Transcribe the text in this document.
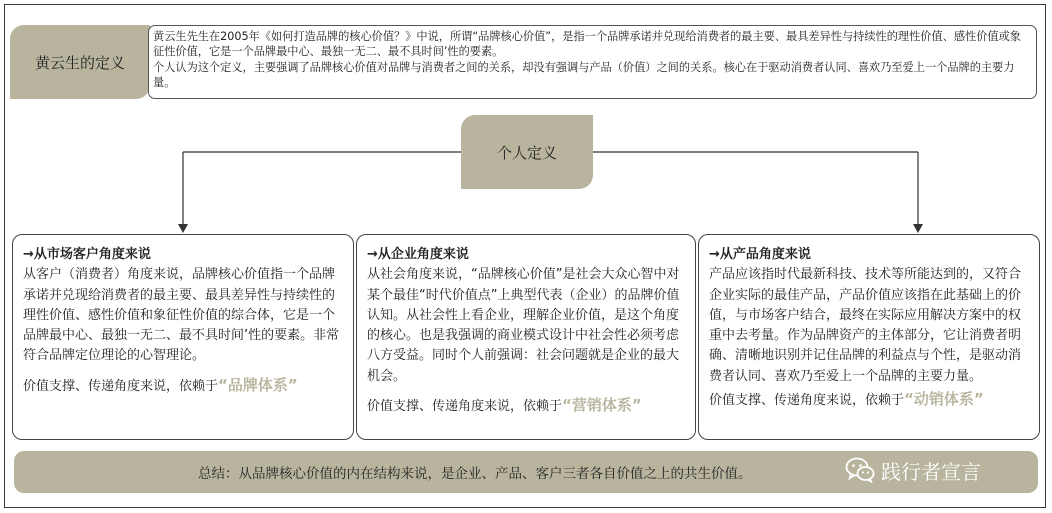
黄云生的定义

黄云生先生在2005年《如何打造品牌的核心价值？》中说，所谓“品牌核心价值”，是指一个品牌承诺并兑现给消费者的最主要、最具差异性与持续性的理性价值、感性价值或象征性价值，它是一个品牌最中心、最独一无二、最不具时间’性的要素。

个人认为这个定义，主要强调了品牌核心价值对品牌与消费者之间的关系，却没有强调与产品（价值）之间的关系。核心在于驱动消费者认同、喜欢乃至爱上一个品牌的主要力量。

个人定义

→从市场客户角度来说

从客户（消费者）角度来说，品牌核心价值指一个品牌承诺并兑现给消费者的最主要、最具差异性与持续性的理性价值、感性价值和象征性价值的综合体，它是一个品牌最中心、最独一无二、最不具时间’性的要素。非常符合品牌定位理论的心智理论。

价值支撑、传递角度来说，依赖于“品牌体系”

→从企业角度来说

从社会角度来说，“品牌核心价值”是社会大众心智中对某个最佳“时代价值点”上典型代表（企业）的品牌价值认知。从社会性上看企业，理解企业价值，是这个角度的核心。也是我强调的商业模式设计中社会性必须考虑八方受益。同时个人前强调：社会问题就是企业的最大机会。

价值支撑、传递角度来说，依赖于“营销体系”

→从产品角度来说

产品应该指时代最新科技、技术等所能达到的，又符合企业实际的最佳产品，产品价值应该指在此基础上的价值，与市场客户结合，最终在实际应用解决方案中的权重中去考量。作为品牌资产的主体部分，它让消费者明确、清晰地识别并记住品牌的利益点与个性，是驱动消费者认同、喜欢乃至爱上一个品牌的主要力量。

价值支撑、传递角度来说，依赖于“动销体系”

总结：从品牌核心价值的内在结构来说，是企业、产品、客户三者各自价值之上的共生价值。	践行者宣言
